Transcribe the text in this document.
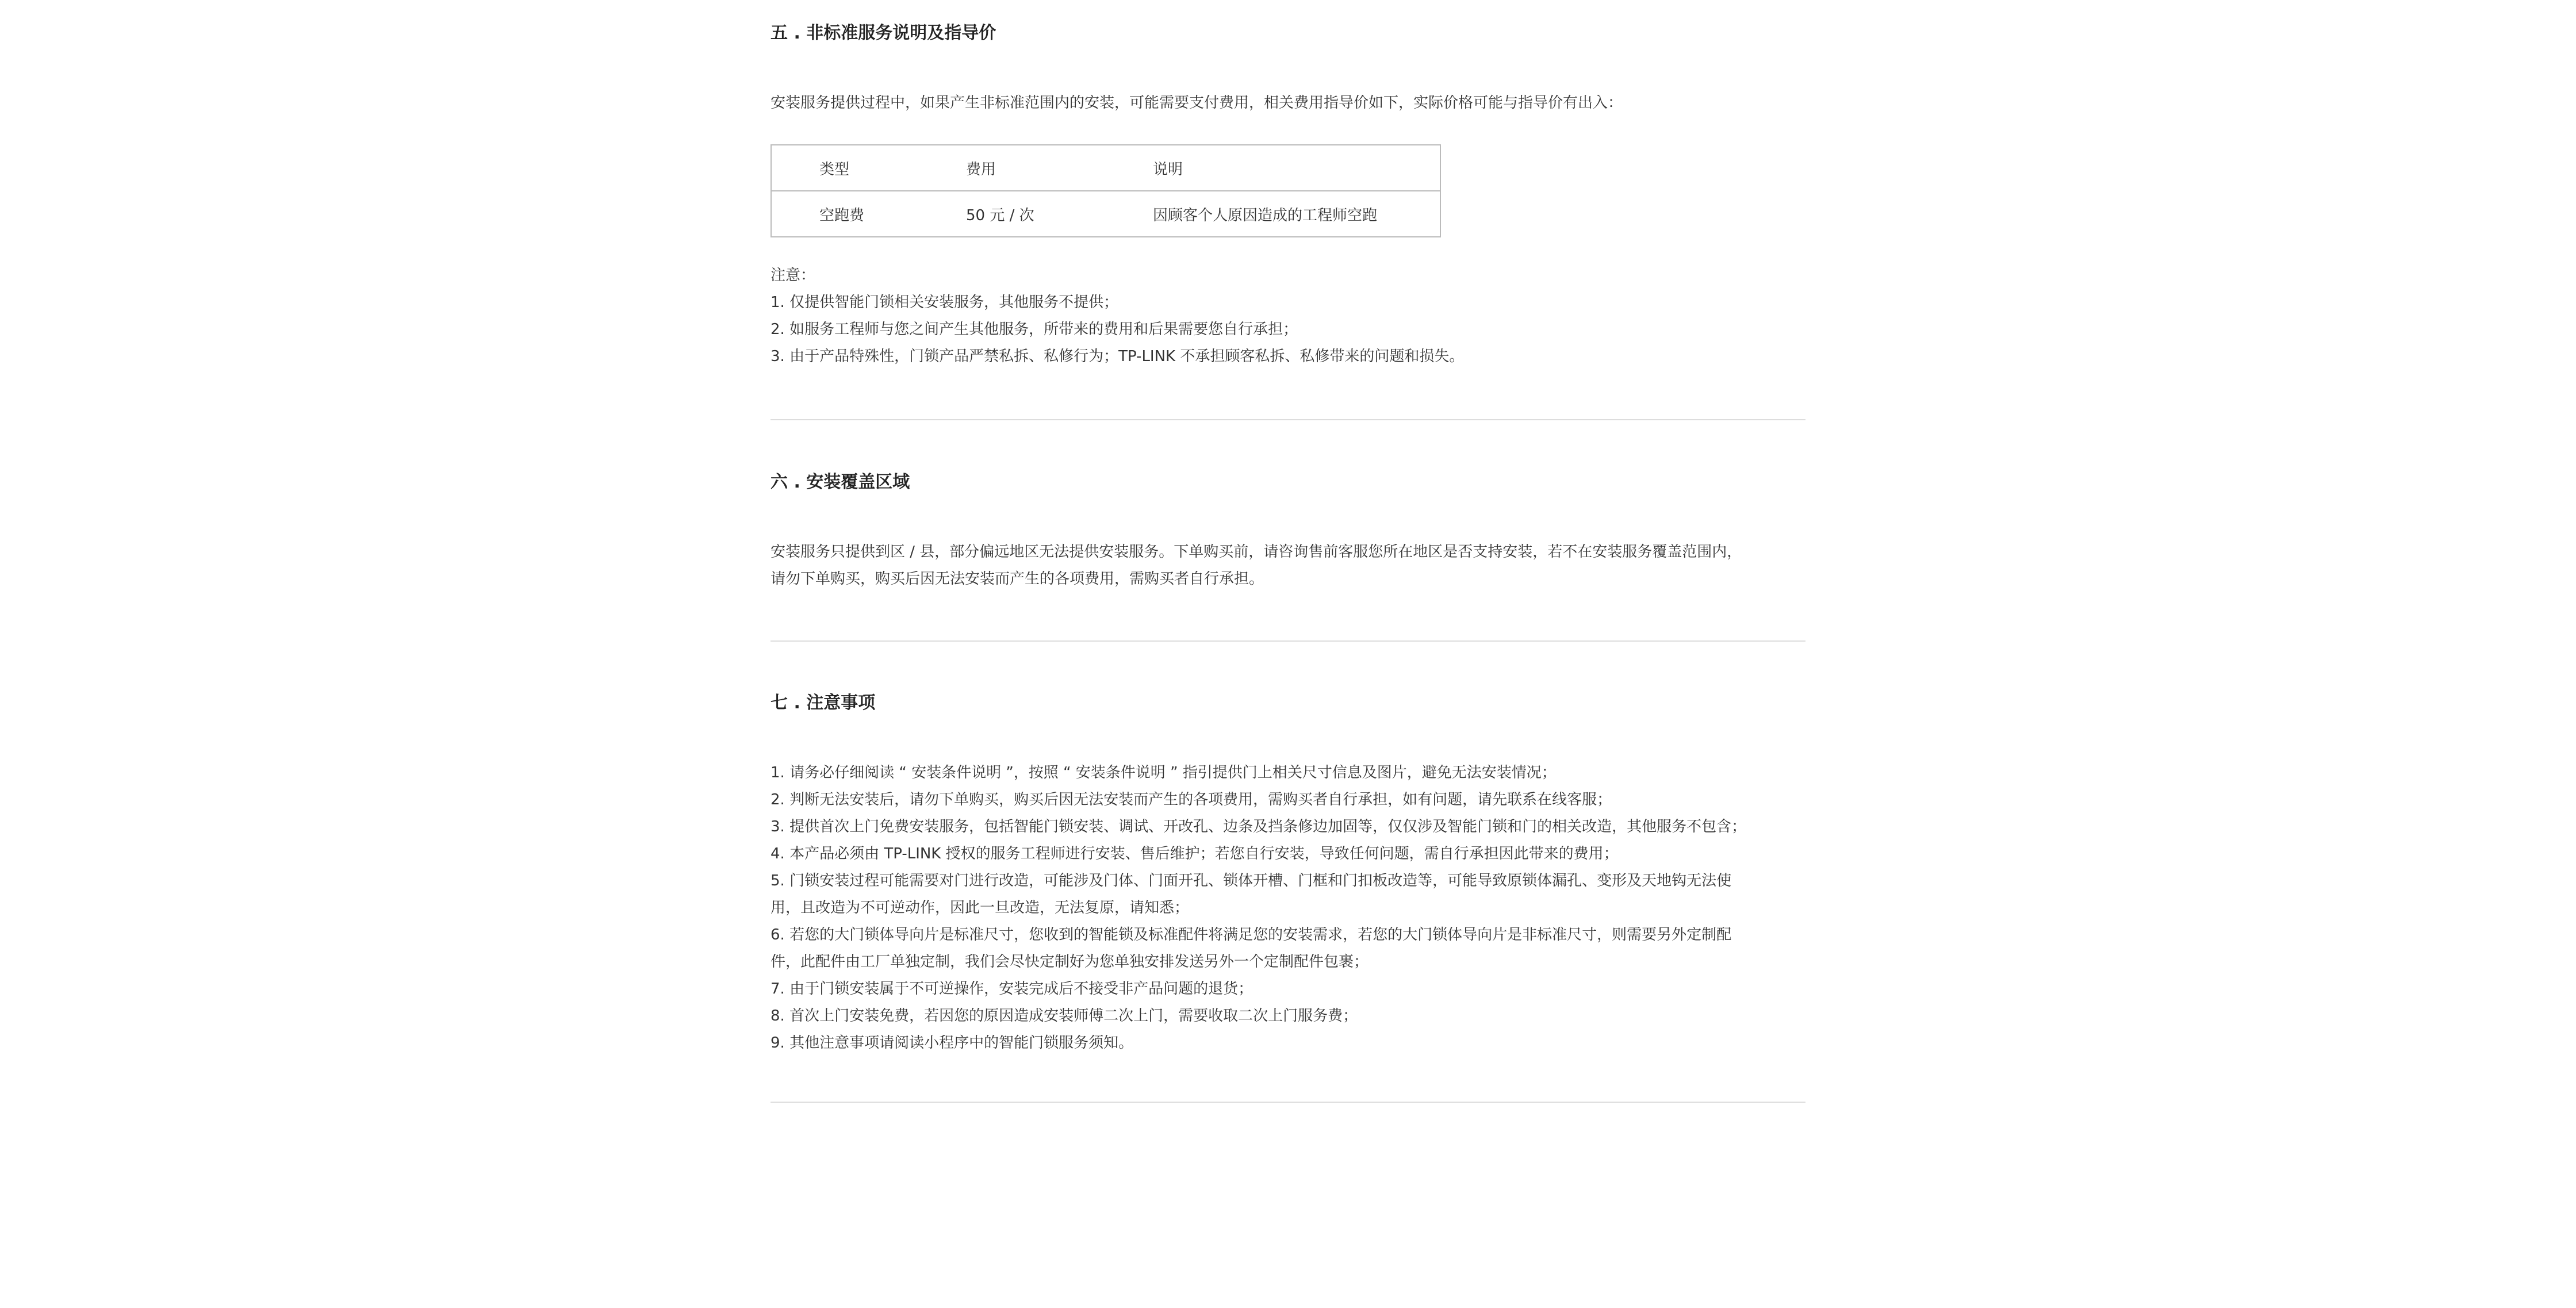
五 . 非标准服务说明及指导价
安装服务提供过程中，如果产生非标准范围内的安装，可能需要支付费用，相关费用指导价如下，实际价格可能与指导价有出入：
类型	费用	说明
空跑费	50 元 / 次	因顾客个人原因造成的工程师空跑
注意：
1. 仅提供智能门锁相关安装服务，其他服务不提供；
2. 如服务工程师与您之间产生其他服务，所带来的费用和后果需要您自行承担；
3. 由于产品特殊性，门锁产品严禁私拆、私修行为；TP-LINK 不承担顾客私拆、私修带来的问题和损失。
六 . 安装覆盖区域
安装服务只提供到区 / 县，部分偏远地区无法提供安装服务。下单购买前，请咨询售前客服您所在地区是否支持安装，若不在安装服务覆盖范围内，
请勿下单购买，购买后因无法安装而产生的各项费用，需购买者自行承担。
七 . 注意事项
1. 请务必仔细阅读 “ 安装条件说明 ”，按照 “ 安装条件说明 ” 指引提供门上相关尺寸信息及图片，避免无法安装情况；
2. 判断无法安装后，请勿下单购买，购买后因无法安装而产生的各项费用，需购买者自行承担，如有问题，请先联系在线客服；
3. 提供首次上门免费安装服务，包括智能门锁安装、调试、开改孔、边条及挡条修边加固等，仅仅涉及智能门锁和门的相关改造，其他服务不包含；
4. 本产品必须由 TP-LINK 授权的服务工程师进行安装、售后维护；若您自行安装，导致任何问题，需自行承担因此带来的费用；
5. 门锁安装过程可能需要对门进行改造，可能涉及门体、门面开孔、锁体开槽、门框和门扣板改造等，可能导致原锁体漏孔、变形及天地钩无法使
用，且改造为不可逆动作，因此一旦改造，无法复原，请知悉；
6. 若您的大门锁体导向片是标准尺寸，您收到的智能锁及标准配件将满足您的安装需求，若您的大门锁体导向片是非标准尺寸，则需要另外定制配
件，此配件由工厂单独定制，我们会尽快定制好为您单独安排发送另外一个定制配件包裹；
7. 由于门锁安装属于不可逆操作，安装完成后不接受非产品问题的退货；
8. 首次上门安装免费，若因您的原因造成安装师傅二次上门，需要收取二次上门服务费；
9. 其他注意事项请阅读小程序中的智能门锁服务须知。
